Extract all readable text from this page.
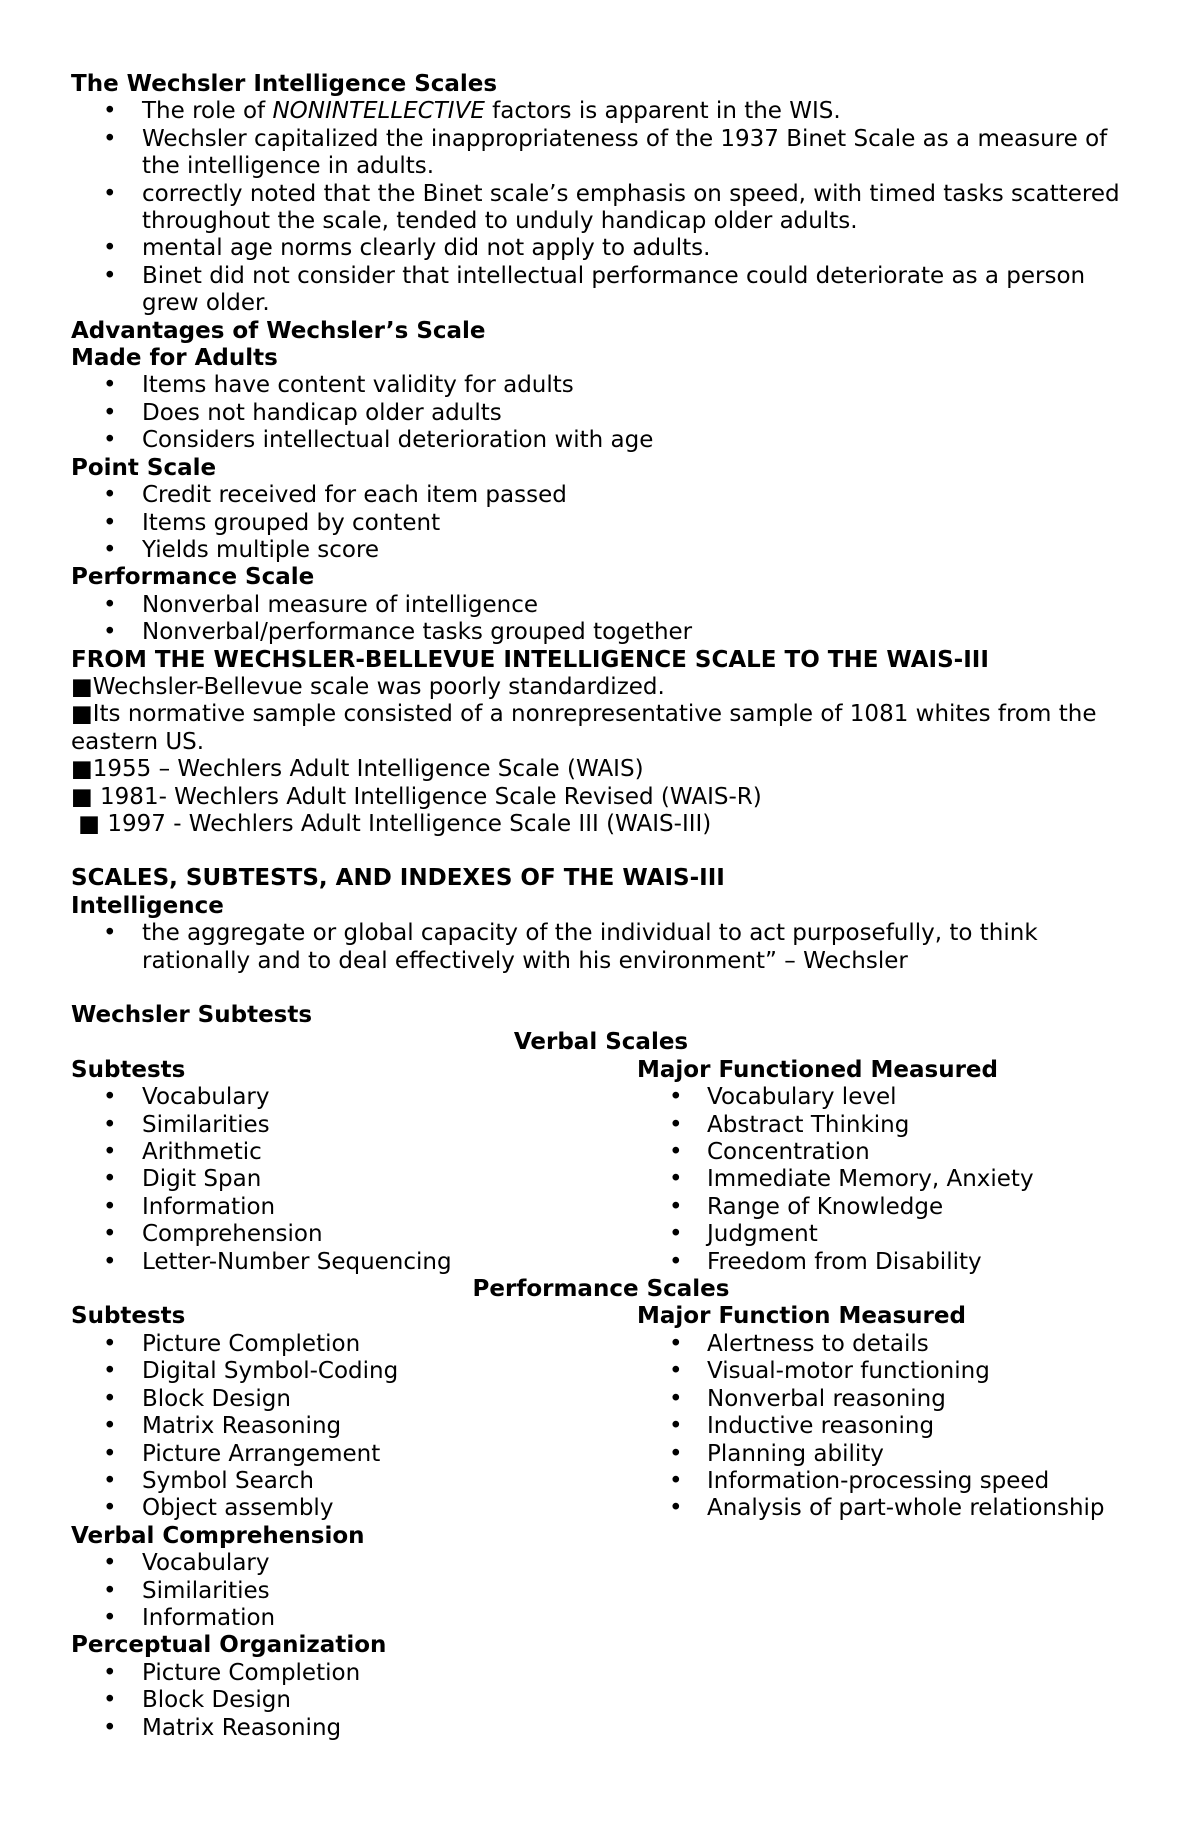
The Wechsler Intelligence Scales
• The role of NONINTELLECTIVE factors is apparent in the WIS.
• Wechsler capitalized the inappropriateness of the 1937 Binet Scale as a measure of the intelligence in adults.
• correctly noted that the Binet scale’s emphasis on speed, with timed tasks scattered throughout the scale, tended to unduly handicap older adults.
• mental age norms clearly did not apply to adults.
• Binet did not consider that intellectual performance could deteriorate as a person grew older.
Advantages of Wechsler’s Scale
Made for Adults
• Items have content validity for adults
• Does not handicap older adults
• Considers intellectual deterioration with age
Point Scale
• Credit received for each item passed
• Items grouped by content
• Yields multiple score
Performance Scale
• Nonverbal measure of intelligence
• Nonverbal/performance tasks grouped together
FROM THE WECHSLER-BELLEVUE INTELLIGENCE SCALE TO THE WAIS-III
■Wechsler-Bellevue scale was poorly standardized.
■Its normative sample consisted of a nonrepresentative sample of 1081 whites from the eastern US.
■1955 – Wechlers Adult Intelligence Scale (WAIS)
■ 1981- Wechlers Adult Intelligence Scale Revised (WAIS-R)
■ 1997 - Wechlers Adult Intelligence Scale III (WAIS-III)
SCALES, SUBTESTS, AND INDEXES OF THE WAIS-III
Intelligence
• the aggregate or global capacity of the individual to act purposefully, to think rationally and to deal effectively with his environment” – Wechsler
Wechsler Subtests
Verbal Scales
Subtests
• Vocabulary
• Similarities
• Arithmetic
• Digit Span
• Information
• Comprehension
• Letter-Number Sequencing
Major Functioned Measured
• Vocabulary level
• Abstract Thinking
• Concentration
• Immediate Memory, Anxiety
• Range of Knowledge
• Judgment
• Freedom from Disability
Performance Scales
Subtests
• Picture Completion
• Digital Symbol-Coding
• Block Design
• Matrix Reasoning
• Picture Arrangement
• Symbol Search
• Object assembly
Major Function Measured
• Alertness to details
• Visual-motor functioning
• Nonverbal reasoning
• Inductive reasoning
• Planning ability
• Information-processing speed
• Analysis of part-whole relationship
Verbal Comprehension
• Vocabulary
• Similarities
• Information
Perceptual Organization
• Picture Completion
• Block Design
• Matrix Reasoning
